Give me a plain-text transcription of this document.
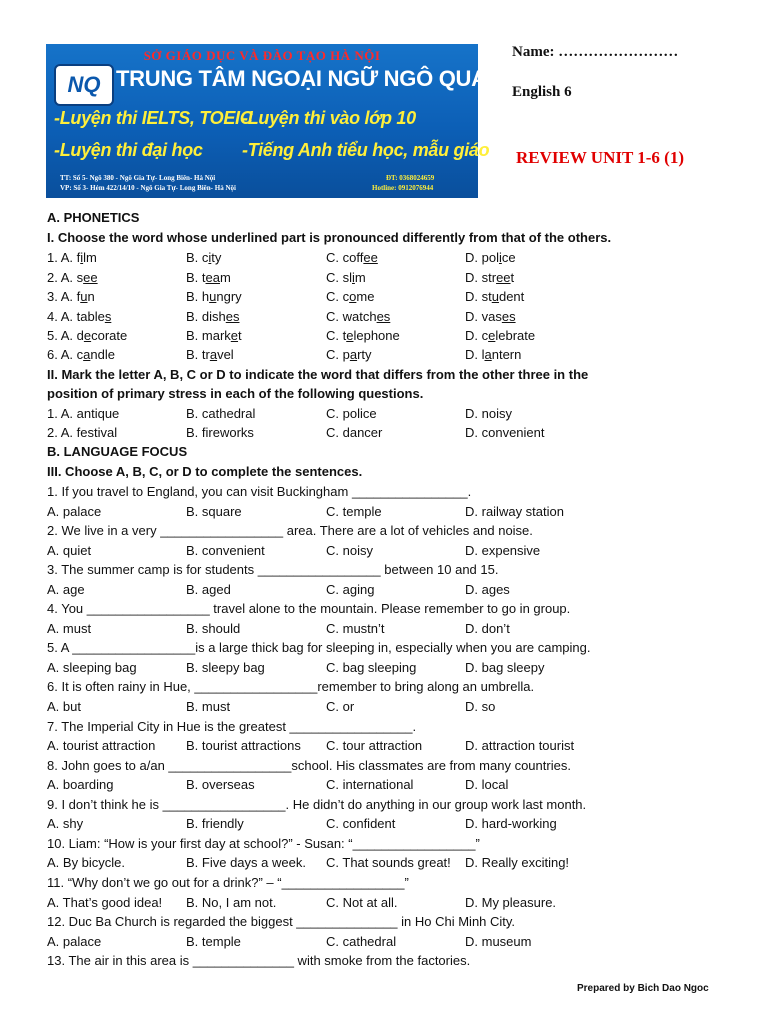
SỞ GIÁO DỤC VÀ ĐÀO TẠO HÀ NỘI
NQ TRUNG TÂM NGOẠI NGỮ NGÔ QUANG
-Luyện thi IELTS, TOEIC
-Luyện thi vào lớp 10
-Luyện thi đại học -Tiếng Anh tiểu học, mẫu giáo
TT: Số 5- Ngõ 380 - Ngô Gia Tự- Long Biên- Hà Nội
VP: Số 3- Hẻm 422/14/10 - Ngô Gia Tự- Long Biên- Hà Nội
ĐT: 0368024659
Hotline: 0912076944
Name: ……………………
English 6
REVIEW UNIT 1-6 (1)
A. PHONETICS
I. Choose the word whose underlined part is pronounced differently from that of the others.
1. A. film	B. city	C. coffee	D. police
2. A. see	B. team	C. slim	D. street
3. A. fun	B. hungry	C. come	D. student
4. A. tables	B. dishes	C. watches	D. vases
5. A. decorate	B. market	C. telephone	D. celebrate
6. A. candle	B. travel	C. party	D. lantern
II. Mark the letter A, B, C or D to indicate the word that differs from the other three in the
position of primary stress in each of the following questions.
1. A. antique	B. cathedral	C. police	D. noisy
2. A. festival	B. fireworks	C. dancer	D. convenient
B. LANGUAGE FOCUS
III. Choose A, B, C, or D to complete the sentences.
1. If you travel to England, you can visit Buckingham ________________.
A. palace	B. square	C. temple	D. railway station
2. We live in a very _________________ area. There are a lot of vehicles and noise.
A. quiet	B. convenient	C. noisy	D. expensive
3. The summer camp is for students _________________ between 10 and 15.
A. age	B. aged	C. aging	D. ages
4. You _________________ travel alone to the mountain. Please remember to go in group.
A. must	B. should	C. mustn’t	D. don’t
5. A _________________is a large thick bag for sleeping in, especially when you are camping.
A. sleeping bag	B. sleepy bag	C. bag sleeping	D. bag sleepy
6. It is often rainy in Hue, _________________remember to bring along an umbrella.
A. but	B. must	C. or	D. so
7. The Imperial City in Hue is the greatest _________________.
A. tourist attraction B. tourist attractions C. tour attraction	D. attraction tourist
8. John goes to a/an _________________school. His classmates are from many countries.
A. boarding	B. overseas	C. international	D. local
9. I don’t think he is _________________. He didn’t do anything in our group work last month.
A. shy	B. friendly	C. confident	D. hard-working
10. Liam: “How is your first day at school?” - Susan: “_________________”
A. By bicycle.	B. Five days a week. C. That sounds great! D. Really exciting!
11. “Why don’t we go out for a drink?” – “_________________”
A. That’s good idea! B. No, I am not.	C. Not at all.	D. My pleasure.
12. Duc Ba Church is regarded the biggest ______________ in Ho Chi Minh City.
A. palace	B. temple	C. cathedral	D. museum
13. The air in this area is ______________ with smoke from the factories.
Prepared by Bich Dao Ngoc
